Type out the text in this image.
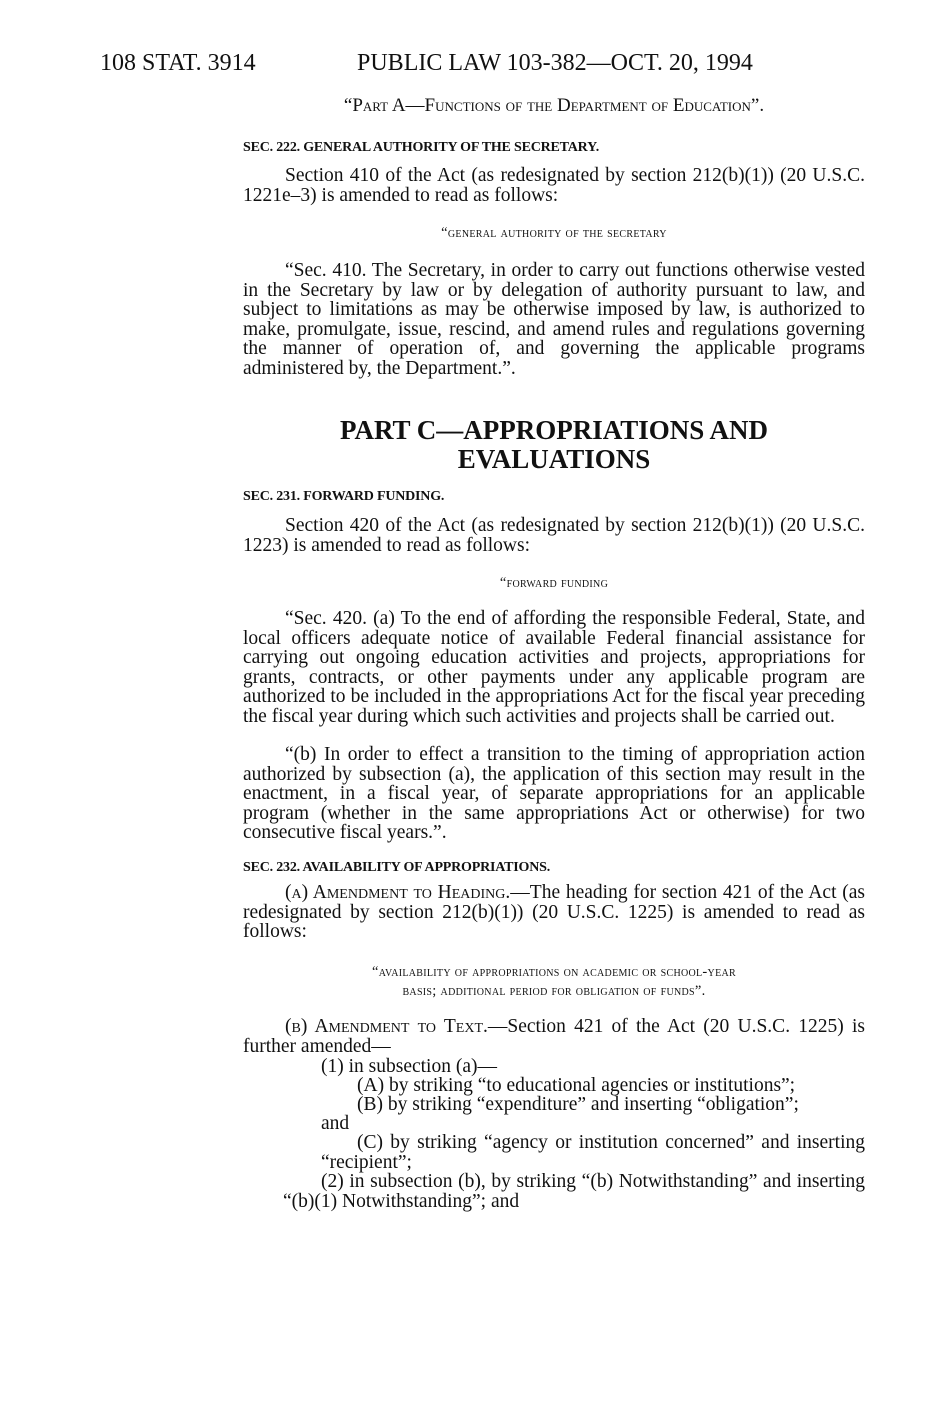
108 STAT. 3914	PUBLIC LAW 103-382—OCT. 20, 1994
“Part A—Functions of the Department of Education”.
SEC. 222. GENERAL AUTHORITY OF THE SECRETARY.
Section 410 of the Act (as redesignated by section 212(b)(1)) (20 U.S.C. 1221e–3) is amended to read as follows:
“general authority of the secretary
“Sec. 410. The Secretary, in order to carry out functions otherwise vested in the Secretary by law or by delegation of authority pursuant to law, and subject to limitations as may be otherwise imposed by law, is authorized to make, promulgate, issue, rescind, and amend rules and regulations governing the manner of operation of, and governing the applicable programs administered by, the Department.”.
PART C—APPROPRIATIONS AND
EVALUATIONS
SEC. 231. FORWARD FUNDING.
Section 420 of the Act (as redesignated by section 212(b)(1)) (20 U.S.C. 1223) is amended to read as follows:
“forward funding
“Sec. 420. (a) To the end of affording the responsible Federal, State, and local officers adequate notice of available Federal financial assistance for carrying out ongoing education activities and projects, appropriations for grants, contracts, or other payments under any applicable program are authorized to be included in the appropriations Act for the fiscal year preceding the fiscal year during which such activities and projects shall be carried out.
“(b) In order to effect a transition to the timing of appropriation action authorized by subsection (a), the application of this section may result in the enactment, in a fiscal year, of separate appropriations for an applicable program (whether in the same appropriations Act or otherwise) for two consecutive fiscal years.”.
SEC. 232. AVAILABILITY OF APPROPRIATIONS.
(a) Amendment to Heading.—The heading for section 421 of the Act (as redesignated by section 212(b)(1)) (20 U.S.C. 1225) is amended to read as follows:
“availability of appropriations on academic or school-year
basis; additional period for obligation of funds”.
(b) Amendment to Text.—Section 421 of the Act (20 U.S.C. 1225) is further amended—
(1) in subsection (a)—
(A) by striking “to educational agencies or institutions”;
(B) by striking “expenditure” and inserting “obligation”;
and
(C) by striking “agency or institution concerned” and inserting “recipient”;
(2) in subsection (b), by striking “(b) Notwithstanding” and inserting “(b)(1) Notwithstanding”; and
